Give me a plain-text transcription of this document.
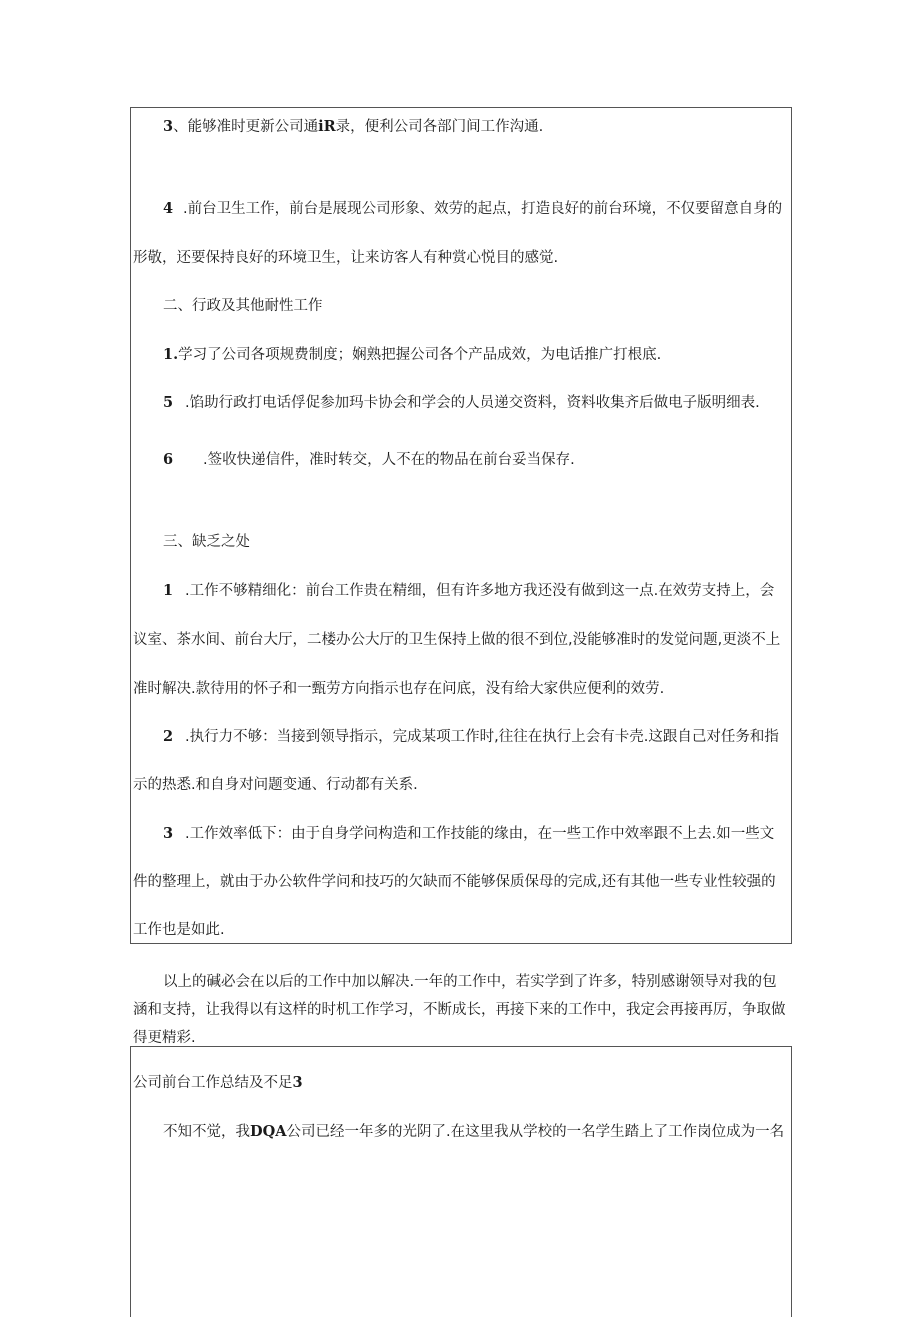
3、能够准时更新公司通iR录，便利公司各部门间工作沟通.
4 .前台卫生工作，前台是展现公司形象、效劳的起点，打造良好的前台环境，不仅要留意自身的
形敬，还要保持良好的环境卫生，让来访客人有种赏心悦目的感觉.
二、行政及其他耐性工作
1.学习了公司各项规费制度；娴熟把握公司各个产品成效，为电话推广打根底.
5 .馅助行政打电话俘促参加玛卡协会和学会的人员递交资料，资料收集齐后做电子版明细表.
6 .签收快递信件，准时转交，人不在的物品在前台妥当保存.
三、缺乏之处
1 .工作不够精细化：前台工作贵在精细，但有许多地方我还没有做到这一点.在效劳支持上，会
议室、茶水间、前台大厅，二楼办公大厅的卫生保持上做的很不到位,没能够准时的发觉问题,更淡不上
准时解决.款待用的怀子和一甄劳方向指示也存在问底，没有给大家供应便利的效劳.
2 .执行力不够：当接到领导指示，完成某项工作时,往往在执行上会有卡壳.这跟自己对任务和指
示的热悉.和自身对问题变通、行动都有关系.
3 .工作效率低下：由于自身学问构造和工作技能的缘由，在一些工作中效率跟不上去.如一些文
件的整理上，就由于办公软件学问和技巧的欠缺而不能够保质保母的完成,还有其他一些专业性较强的
工作也是如此.
以上的碱必会在以后的工作中加以解决.一年的工作中，若实学到了许多，特别感谢领导对我的包
涵和支持，让我得以有这样的时机工作学习，不断成长，再接下来的工作中，我定会再接再厉，争取做
得更精彩.
公司前台工作总结及不足3
不知不觉，我DQA公司已经一年多的光阴了.在这里我从学校的一名学生踏上了工作岗位成为一名
